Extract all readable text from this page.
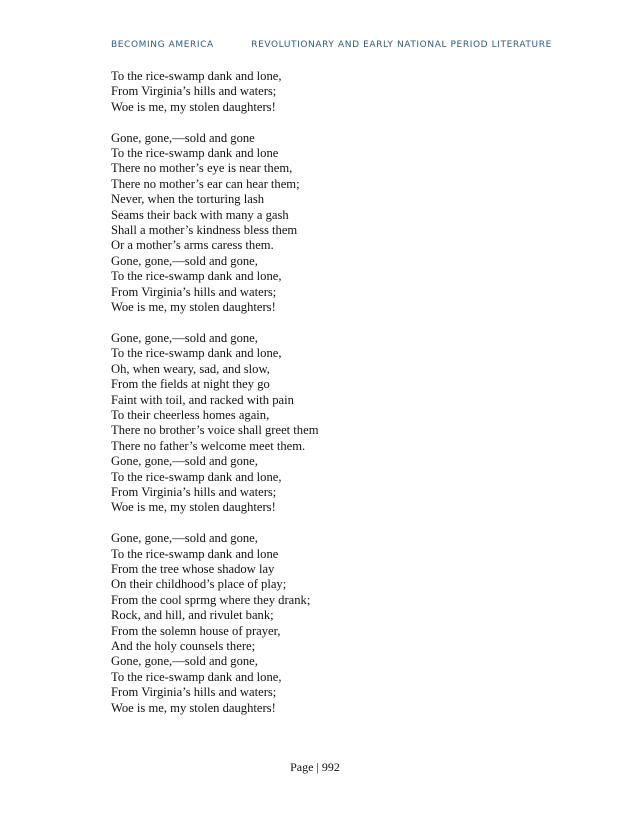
BECOMING AMERICA	REVOLUTIONARY AND EARLY NATIONAL PERIOD LITERATURE
To the rice-swamp dank and lone,
From Virginia’s hills and waters;
Woe is me, my stolen daughters!
Gone, gone,—sold and gone
To the rice-swamp dank and lone
There no mother’s eye is near them,
There no mother’s ear can hear them;
Never, when the torturing lash
Seams their back with many a gash
Shall a mother’s kindness bless them
Or a mother’s arms caress them.
Gone, gone,—sold and gone,
To the rice-swamp dank and lone,
From Virginia’s hills and waters;
Woe is me, my stolen daughters!
Gone, gone,—sold and gone,
To the rice-swamp dank and lone,
Oh, when weary, sad, and slow,
From the fields at night they go
Faint with toil, and racked with pain
To their cheerless homes again,
There no brother’s voice shall greet them
There no father’s welcome meet them.
Gone, gone,—sold and gone,
To the rice-swamp dank and lone,
From Virginia’s hills and waters;
Woe is me, my stolen daughters!
Gone, gone,—sold and gone,
To the rice-swamp dank and lone
From the tree whose shadow lay
On their childhood’s place of play;
From the cool sprmg where they drank;
Rock, and hill, and rivulet bank;
From the solemn house of prayer,
And the holy counsels there;
Gone, gone,—sold and gone,
To the rice-swamp dank and lone,
From Virginia’s hills and waters;
Woe is me, my stolen daughters!
Page | 992
